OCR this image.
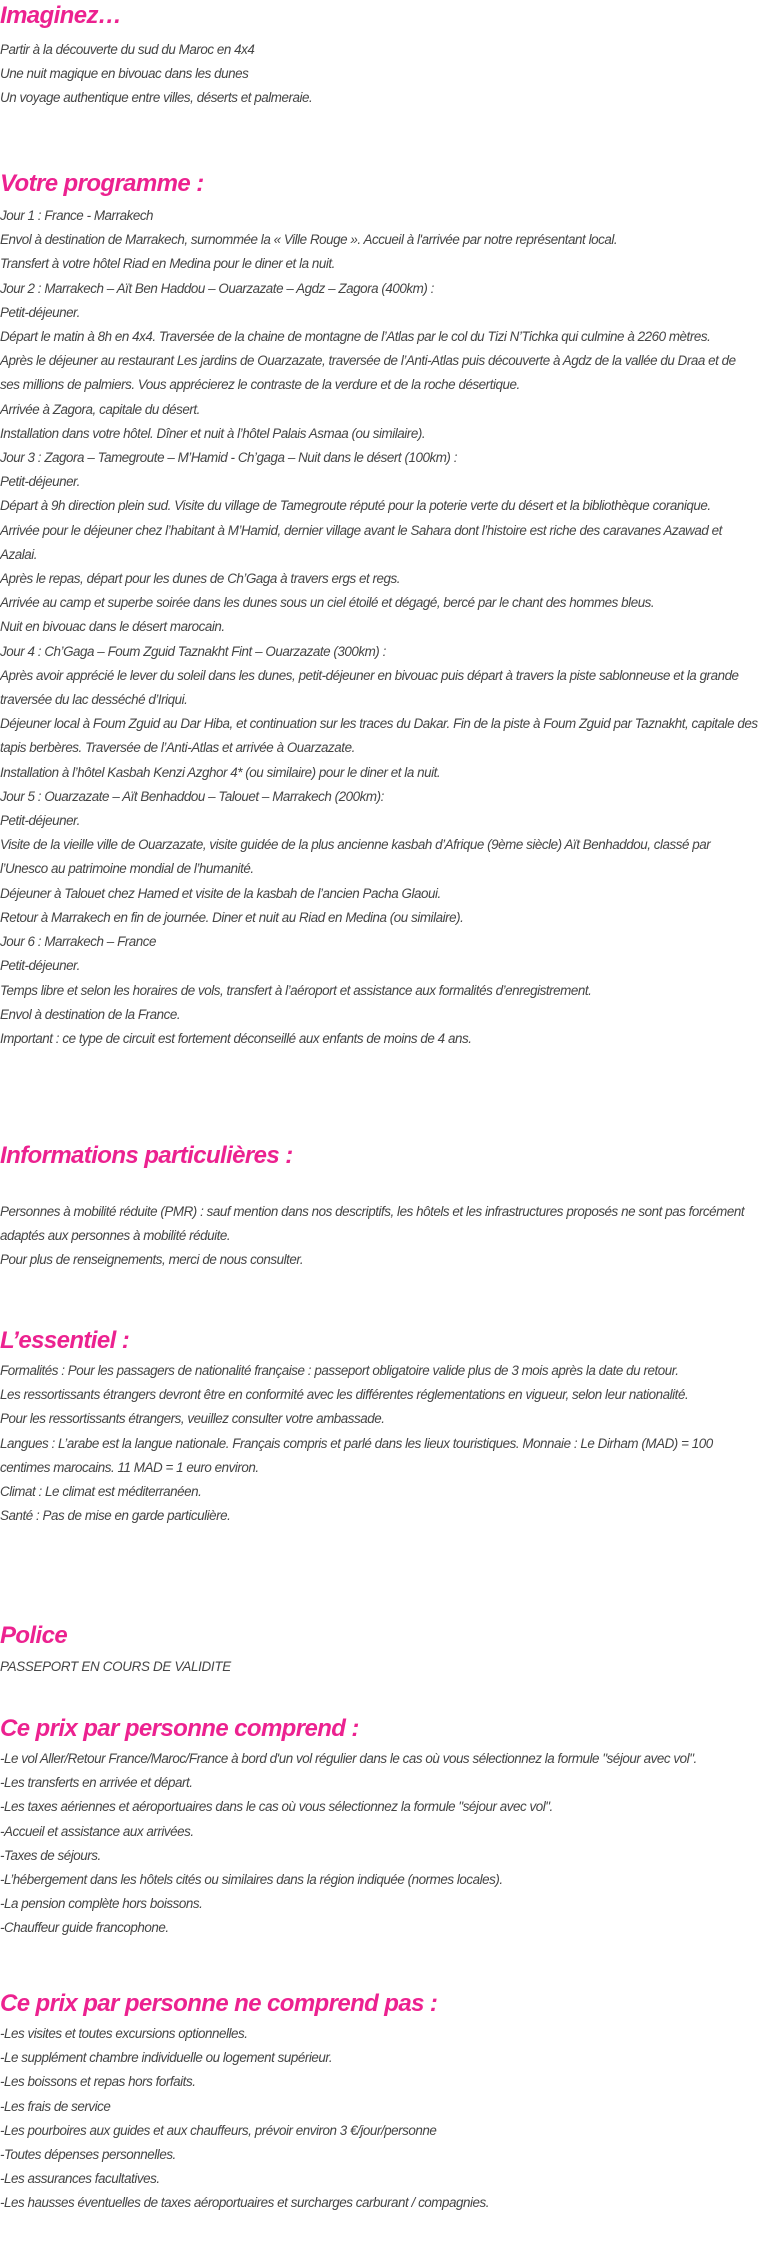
Imaginez…
Partir à la découverte du sud du Maroc en 4x4
Une nuit magique en bivouac dans les dunes
Un voyage authentique entre villes, déserts et palmeraie.
Votre programme :
Jour 1 : France - Marrakech
Envol à destination de Marrakech, surnommée la « Ville Rouge ». Accueil à l'arrivée par notre représentant local.
Transfert à votre hôtel Riad en Medina pour le diner et la nuit.
Jour 2 : Marrakech – Aït Ben Haddou – Ouarzazate – Agdz – Zagora (400km) :
Petit-déjeuner.
Départ le matin à 8h en 4x4. Traversée de la chaine de montagne de l’Atlas par le col du Tizi N’Tichka qui culmine à 2260 mètres.
Après le déjeuner au restaurant Les jardins de Ouarzazate, traversée de l’Anti-Atlas puis découverte à Agdz de la vallée du Draa et de ses millions de palmiers. Vous apprécierez le contraste de la verdure et de la roche désertique.
Arrivée à Zagora, capitale du désert.
Installation dans votre hôtel. Dîner et nuit à l’hôtel Palais Asmaa (ou similaire).
Jour 3 : Zagora – Tamegroute – M’Hamid - Ch’gaga – Nuit dans le désert (100km) :
Petit-déjeuner.
Départ à 9h direction plein sud. Visite du village de Tamegroute réputé pour la poterie verte du désert et la bibliothèque coranique.
Arrivée pour le déjeuner chez l’habitant à M’Hamid, dernier village avant le Sahara dont l’histoire est riche des caravanes Azawad et Azalai.
Après le repas, départ pour les dunes de Ch’Gaga à travers ergs et regs.
Arrivée au camp et superbe soirée dans les dunes sous un ciel étoilé et dégagé, bercé par le chant des hommes bleus.
Nuit en bivouac dans le désert marocain.
Jour 4 : Ch’Gaga – Foum Zguid Taznakht Fint – Ouarzazate (300km) :
Après avoir apprécié le lever du soleil dans les dunes, petit-déjeuner en bivouac puis départ à travers la piste sablonneuse et la grande traversée du lac desséché d’Iriqui.
Déjeuner local à Foum Zguid au Dar Hiba, et continuation sur les traces du Dakar. Fin de la piste à Foum Zguid par Taznakht, capitale des tapis berbères. Traversée de l’Anti-Atlas et arrivée à Ouarzazate.
Installation à l’hôtel Kasbah Kenzi Azghor 4* (ou similaire) pour le diner et la nuit.
Jour 5 : Ouarzazate – Aït Benhaddou – Talouet – Marrakech (200km):
Petit-déjeuner.
Visite de la vieille ville de Ouarzazate, visite guidée de la plus ancienne kasbah d’Afrique (9ème siècle) Aït Benhaddou, classé par l’Unesco au patrimoine mondial de l’humanité.
Déjeuner à Talouet chez Hamed et visite de la kasbah de l’ancien Pacha Glaoui.
Retour à Marrakech en fin de journée. Diner et nuit au Riad en Medina (ou similaire).
Jour 6 : Marrakech – France
Petit-déjeuner.
Temps libre et selon les horaires de vols, transfert à l’aéroport et assistance aux formalités d’enregistrement.
Envol à destination de la France.
Important : ce type de circuit est fortement déconseillé aux enfants de moins de 4 ans.
Informations particulières :
Personnes à mobilité réduite (PMR) : sauf mention dans nos descriptifs, les hôtels et les infrastructures proposés ne sont pas forcément adaptés aux personnes à mobilité réduite.
Pour plus de renseignements, merci de nous consulter.
L’essentiel :
Formalités : Pour les passagers de nationalité française : passeport obligatoire valide plus de 3 mois après la date du retour.
Les ressortissants étrangers devront être en conformité avec les différentes réglementations en vigueur, selon leur nationalité.
Pour les ressortissants étrangers, veuillez consulter votre ambassade.
Langues : L’arabe est la langue nationale. Français compris et parlé dans les lieux touristiques. Monnaie : Le Dirham (MAD) = 100 centimes marocains. 11 MAD = 1 euro environ.
Climat : Le climat est méditerranéen.
Santé : Pas de mise en garde particulière.
Police
PASSEPORT EN COURS DE VALIDITE
Ce prix par personne comprend :
-Le vol Aller/Retour France/Maroc/France à bord d'un vol régulier dans le cas où vous sélectionnez la formule "séjour avec vol".
-Les transferts en arrivée et départ.
-Les taxes aériennes et aéroportuaires dans le cas où vous sélectionnez la formule "séjour avec vol".
-Accueil et assistance aux arrivées.
-Taxes de séjours.
-L’hébergement dans les hôtels cités ou similaires dans la région indiquée (normes locales).
-La pension complète hors boissons.
-Chauffeur guide francophone.
Ce prix par personne ne comprend pas :
-Les visites et toutes excursions optionnelles.
-Le supplément chambre individuelle ou logement supérieur.
-Les boissons et repas hors forfaits.
-Les frais de service
-Les pourboires aux guides et aux chauffeurs, prévoir environ 3 €/jour/personne
-Toutes dépenses personnelles.
-Les assurances facultatives.
-Les hausses éventuelles de taxes aéroportuaires et surcharges carburant / compagnies.
